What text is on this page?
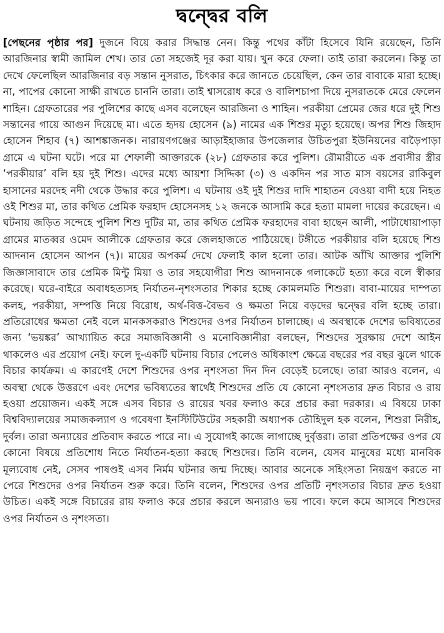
দ্বন্দ্বের বলি
[পেছনের পৃষ্ঠার পর] দুজনে বিয়ে করার সিদ্ধান্ত নেন। কিন্তু পথের কাঁটা হিসেবে যিনি রয়েছেন, তিনি আরজিনার স্বামী জামিল শেখ। তার তো সহজেই দূর করা যায়। খুন করে ফেলা। তাই তারা করলেন। কিন্তু তা দেখে ফেলেছিল আরজিনার বড় সন্তান নুসরাত, চিৎকার করে জানতে চেয়েছিল, কেন তার বাবাকে মারা হচ্ছে। না, পাপের কোনো সাক্ষী রাখতে চাননি তারা। তাই শ্বাসরোধ করে ও বালিশচাপা দিয়ে নুসরাতকে মেরে ফেলেন শাহিন। গ্রেফতারের পর পুলিশের কাছে এসব বলেছেন আরজিনা ও শাহিন। পরকীয়া প্রেমের জের ধরে দুই শিশু সন্তানের গায়ে আগুন দিয়েছে মা। এতে হৃদয় হোসেন (৯) নামের এক শিশুর মৃত্যু হয়েছে। অপর শিশু জিহাদ হোসেন শিহাব (৭) আশঙ্কাজনক। নারায়ণগঞ্জের আড়াইহাজার উপজেলার উচিতপুরা ইউনিয়নের বাড়ৈপাড়া গ্রামে এ ঘটনা ঘটে। পরে মা শেফালী আক্তারকে (২৮) গ্রেফতার করে পুলিশ। রৌমারীতে এক প্রবাসীর স্ত্রীর ‘পরকীয়ার’ বলি হয় দুই শিশু। এদের মধ্যে আয়শা সিদ্দিকা (৩) ও একদিন পর সাত মাস বয়সের রাকিবুল হাসানের মরদেহ নদী থেকে উদ্ধার করে পুলিশ। এ ঘটনায় ওই দুই শিশুর দাদি শাহাতন বেওয়া বাদী হয়ে নিহত ওই শিশুর মা, তার কথিত প্রেমিক ফরহাদ হোসেনসহ ১২ জনকে আসামি করে হত্যা মামলা দায়ের করেছেন। এ ঘটনায় জড়িত সন্দেহে পুলিশ শিশু দুটির মা, তার কথিত প্রেমিক ফরহাদের বাবা হাছেন আলী, পাটাধোয়াপাড়া গ্রামের মাতব্বর ওমেদ আলীকে গ্রেফতার করে জেলহাজতে পাঠিয়েছে। টঙ্গীতে পরকীয়ার বলি হয়েছে শিশু আদনান হোসেন আপন (৭)। মায়ের অপকর্ম দেখে ফেলাই কাল হলো তার। আটক আঁখি আক্তার পুলিশি জিজ্ঞাসাবাদে তার প্রেমিক মিন্টু মিয়া ও তার সহযোগীরা শিশু আদনানকে গলাকেটে হত্যা করে বলে স্বীকার করেছে। ঘরে-বাইরে অবাধহত্যসহ নির্যাতন-নৃশংসতার শিকার হচ্ছে কোমলমতি শিশুরা। বাবা-মায়ের দাম্পত্য কলহ, পরকীয়া, সম্পত্তি নিয়ে বিরোধ, অর্থ-বিত্ত-বৈভব ও ক্ষমতা নিয়ে বড়দের দ্বন্দ্বের বলি হচ্ছে তারা। প্রতিরোধের ক্ষমতা নেই বলে মানকসকরাও শিশুদের ওপর নির্যাতন চালাচ্ছে। এ অবস্থাকে দেশের ভবিষ্যতের জন্য ‘ভয়ঙ্কর’ আখ্যায়িত করে সমাজবিজ্ঞানী ও মনোবিজ্ঞানীরা বলছেন, শিশুদের সুরক্ষায় দেশে আইন থাকলেও এর প্রয়োগ নেই। ফলে দু-একটি ঘটনায় বিচার পেলেও অধিকাংশ ক্ষেত্রে বছরের পর বছর ঝুলে থাকে বিচার কার্যক্রম। এ কারণেই দেশে শিশুদের ওপর নৃশংসতা দিন দিন বেড়েই চলেছে। তারা আরও বলেন, এ অবস্থা থেকে উত্তরণে এবং দেশের ভবিষ্যতের স্বার্থেই শিশুদের প্রতি যে কোনো নৃশংসতার দ্রুত বিচার ও রায় হওয়া প্রয়োজন। একই সঙ্গে এসব বিচার ও রায়ের খবর ফলাও করে প্রচার করা দরকার। এ বিষয়ে ঢাকা বিশ্ববিদ্যালয়ের সমাজকল্যাণ ও গবেষণা ইনস্টিটিউটের সহকারী অধ্যাপক তৌহিদুল হক বলেন, শিশুরা নিরীহ, দুর্বল। তারা অন্যায়ের প্রতিবাদ করতে পারে না। এ সুযোগই কাজে লাগাচ্ছে দুর্বৃত্তরা। তারা প্রতিপক্ষের ওপর যে কোনো বিষয়ে প্রতিশোধ নিতে নির্যাতন-হত্যা করছে শিশুদের। তিনি বলেন, যেসব মানুষের মধ্যে মানবিক মূল্যবোধ নেই, সেসব পাষণ্ডই এসব নির্মম ঘটনার জন্ম দিচ্ছে। আবার অনেকে সহিংসতা নিয়ন্ত্রণ করতে না পেরে শিশুদের ওপর নির্যাতন শুরু করে। তিনি বলেন, শিশুদের ওপর প্রতিটি নৃশংসতার বিচার দ্রুত হওয়া উচিত। একই সঙ্গে বিচারের রায় ফলাও করে প্রচার করলে অন্যরাও ভয় পাবে। ফলে কমে আসবে শিশুদের ওপর নির্যাতন ও নৃশংসতা।
